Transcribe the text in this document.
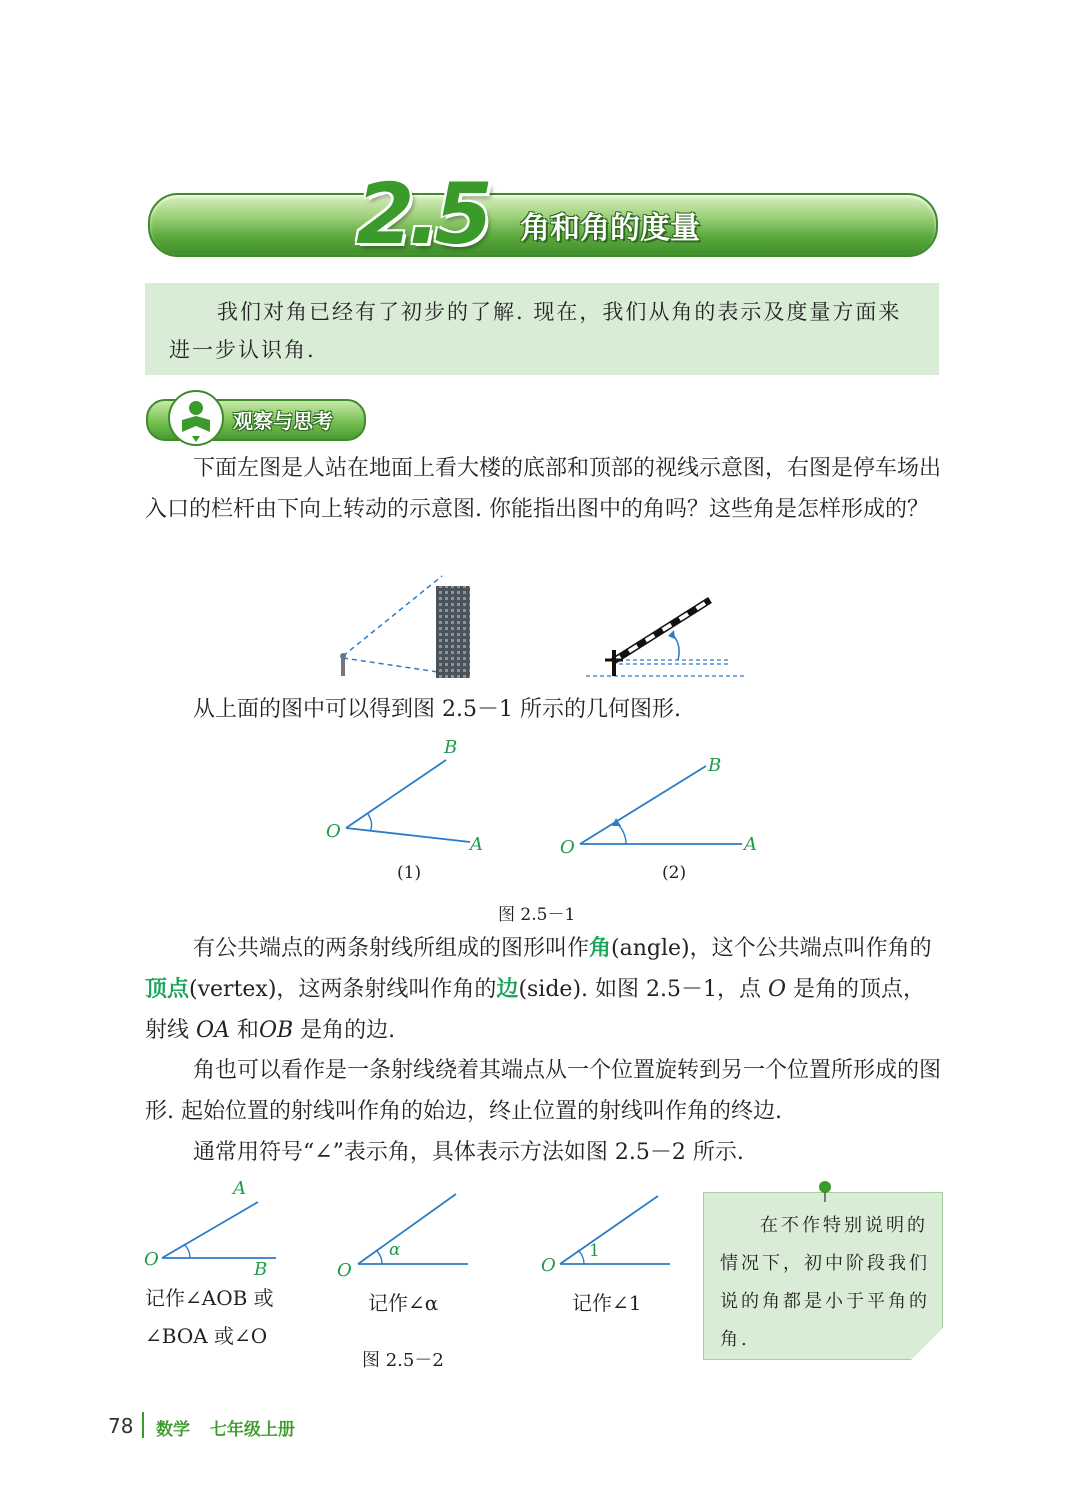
2.5	角和角的度量

我们对角已经有了初步的了解. 现在，我们从角的表示及度量方面来进一步认识角.

观察与思考

下面左图是人站在地面上看大楼的底部和顶部的视线示意图，右图是停车场出入口的栏杆由下向上转动的示意图. 你能指出图中的角吗？这些角是怎样形成的？

从上面的图中可以得到图 2.5－1 所示的几何图形.

B
O
A
B
O	A
(1)	(2)
图 2.5－1

有公共端点的两条射线所组成的图形叫作角(angle)，这个公共端点叫作角的顶点(vertex)，这两条射线叫作角的边(side). 如图 2.5－1，点 O 是角的顶点，射线 OA 和OB 是角的边.

角也可以看作是一条射线绕着其端点从一个位置旋转到另一个位置所形成的图形. 起始位置的射线叫作角的始边，终止位置的射线叫作角的终边.

通常用符号“∠”表示角，具体表示方法如图 2.5－2 所示.

A
O	B	O
α
O
1
记作∠AOB 或
∠BOA 或∠O
记作∠α	记作∠1
图 2.5－2

在不作特别说明的情况下，初中阶段我们说的角都是小于平角的角.

78 数学 七年级上册
